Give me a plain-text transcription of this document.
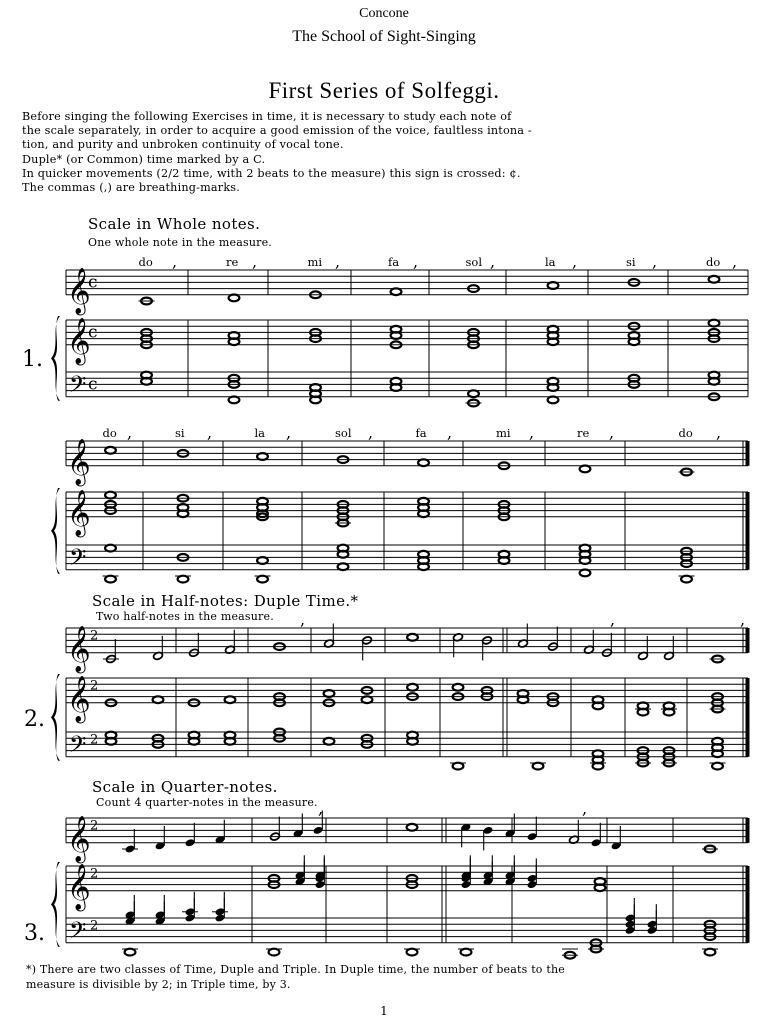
Concone
The School of Sight-Singing
First Series of Solfeggi.
Before singing the following Exercises in time, it is necessary to study each note of
the scale separately, in order to acquire a good emission of the voice, faultless intona -
tion, and purity and unbroken continuity of vocal tone.
Duple* (or Common) time marked by a C.
In quicker movements (2/2 time, with 2 beats to the measure) this sign is crossed: ¢.
The commas (,) are breathing-marks.
Scale in Whole notes.
One whole note in the measure.
Scale in Half-notes: Duple Time.*
Two half-notes in the measure.
Scale in Quarter-notes.
Count 4 quarter-notes in the measure.
1.
𝄞
𝄞
𝄢
c
c
c
do ,	re ,	mi ,	fa ,	sol ,	la ,	si ,	do ,
𝄞
𝄞
𝄢
do ,	si ,	la ,	sol ,	fa ,	mi ,	re ,	do ,
2.
𝄞
𝄞
𝄢
2
2
2
,	,	,
3.
𝄞
𝄞
𝄢
2
2
2
,	,
*) There are two classes of Time, Duple and Triple. In Duple time, the number of beats to the
measure is divisible by 2; in Triple time, by 3.
1
